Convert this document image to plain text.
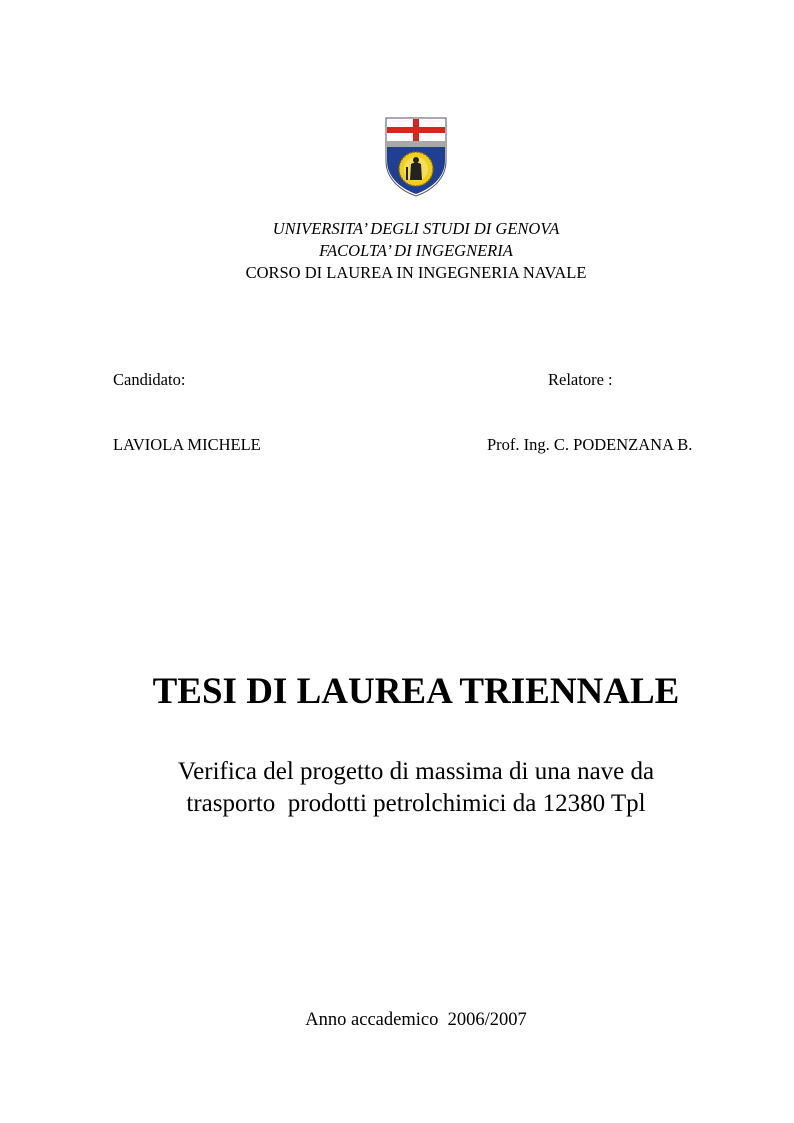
UNIVERSITA’ DEGLI STUDI DI GENOVA
FACOLTA’ DI INGEGNERIA
CORSO DI LAUREA IN INGEGNERIA NAVALE
Candidato:	Relatore :
LAVIOLA MICHELE	Prof. Ing. C. PODENZANA B.
TESI DI LAUREA TRIENNALE
Verifica del progetto di massima di una nave da
trasporto  prodotti petrolchimici da 12380 Tpl
Anno accademico  2006/2007
